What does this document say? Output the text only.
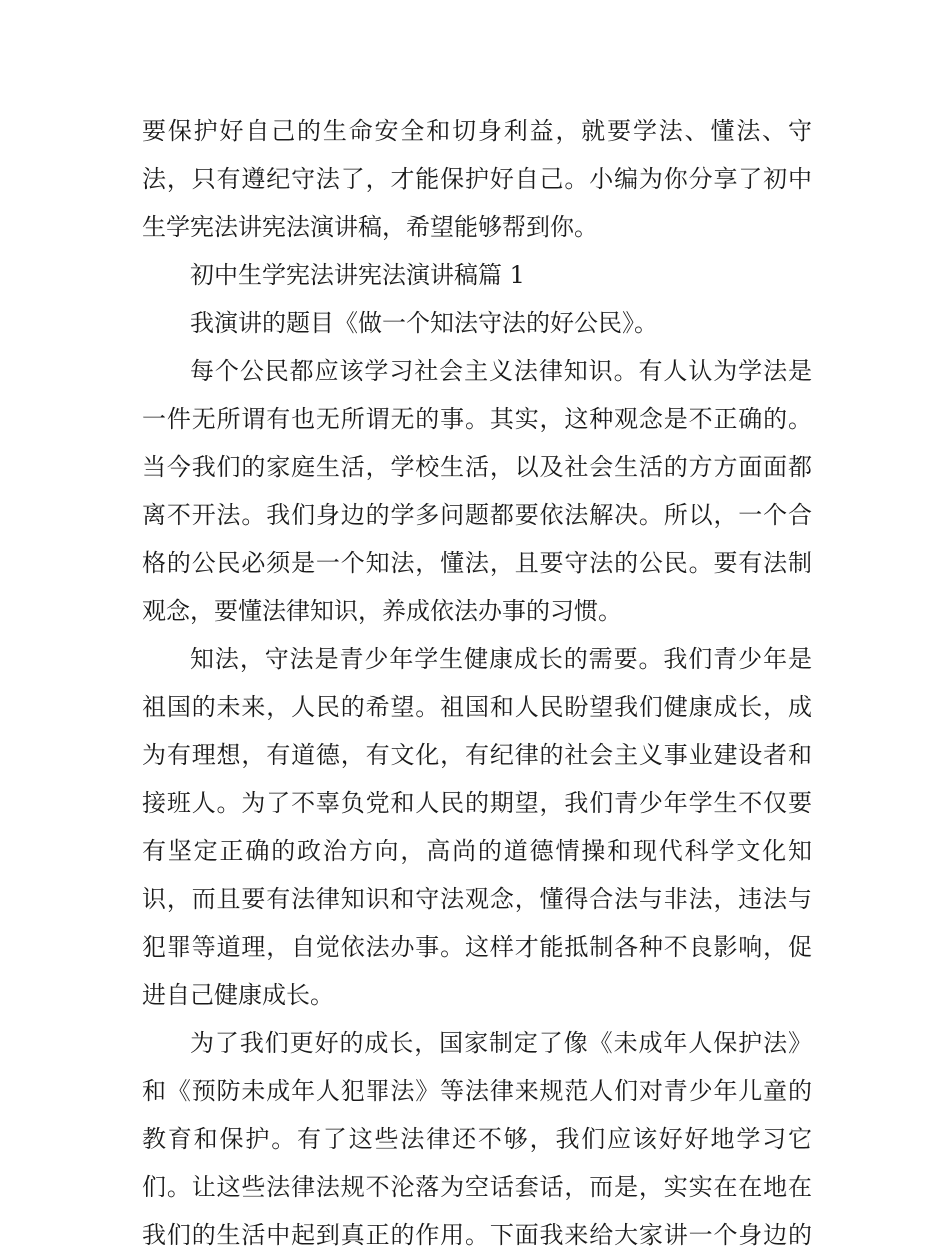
要保护好自己的生命安全和切身利益，就要学法、懂法、守
法，只有遵纪守法了，才能保护好自己。小编为你分享了初中
生学宪法讲宪法演讲稿，希望能够帮到你。
初中生学宪法讲宪法演讲稿篇 1
我演讲的题目《做一个知法守法的好公民》。
每个公民都应该学习社会主义法律知识。有人认为学法是
一件无所谓有也无所谓无的事。其实，这种观念是不正确的。
当今我们的家庭生活，学校生活，以及社会生活的方方面面都
离不开法。我们身边的学多问题都要依法解决。所以，一个合
格的公民必须是一个知法，懂法，且要守法的公民。要有法制
观念，要懂法律知识，养成依法办事的习惯。
知法，守法是青少年学生健康成长的需要。我们青少年是
祖国的未来，人民的希望。祖国和人民盼望我们健康成长，成
为有理想，有道德，有文化，有纪律的社会主义事业建设者和
接班人。为了不辜负党和人民的期望，我们青少年学生不仅要
有坚定正确的政治方向，高尚的道德情操和现代科学文化知
识，而且要有法律知识和守法观念，懂得合法与非法，违法与
犯罪等道理，自觉依法办事。这样才能抵制各种不良影响，促
进自己健康成长。
为了我们更好的成长，国家制定了像《未成年人保护法》
和《预防未成年人犯罪法》等法律来规范人们对青少年儿童的
教育和保护。有了这些法律还不够，我们应该好好地学习它
们。让这些法律法规不沦落为空话套话，而是，实实在在地在
我们的生活中起到真正的作用。下面我来给大家讲一个身边的
